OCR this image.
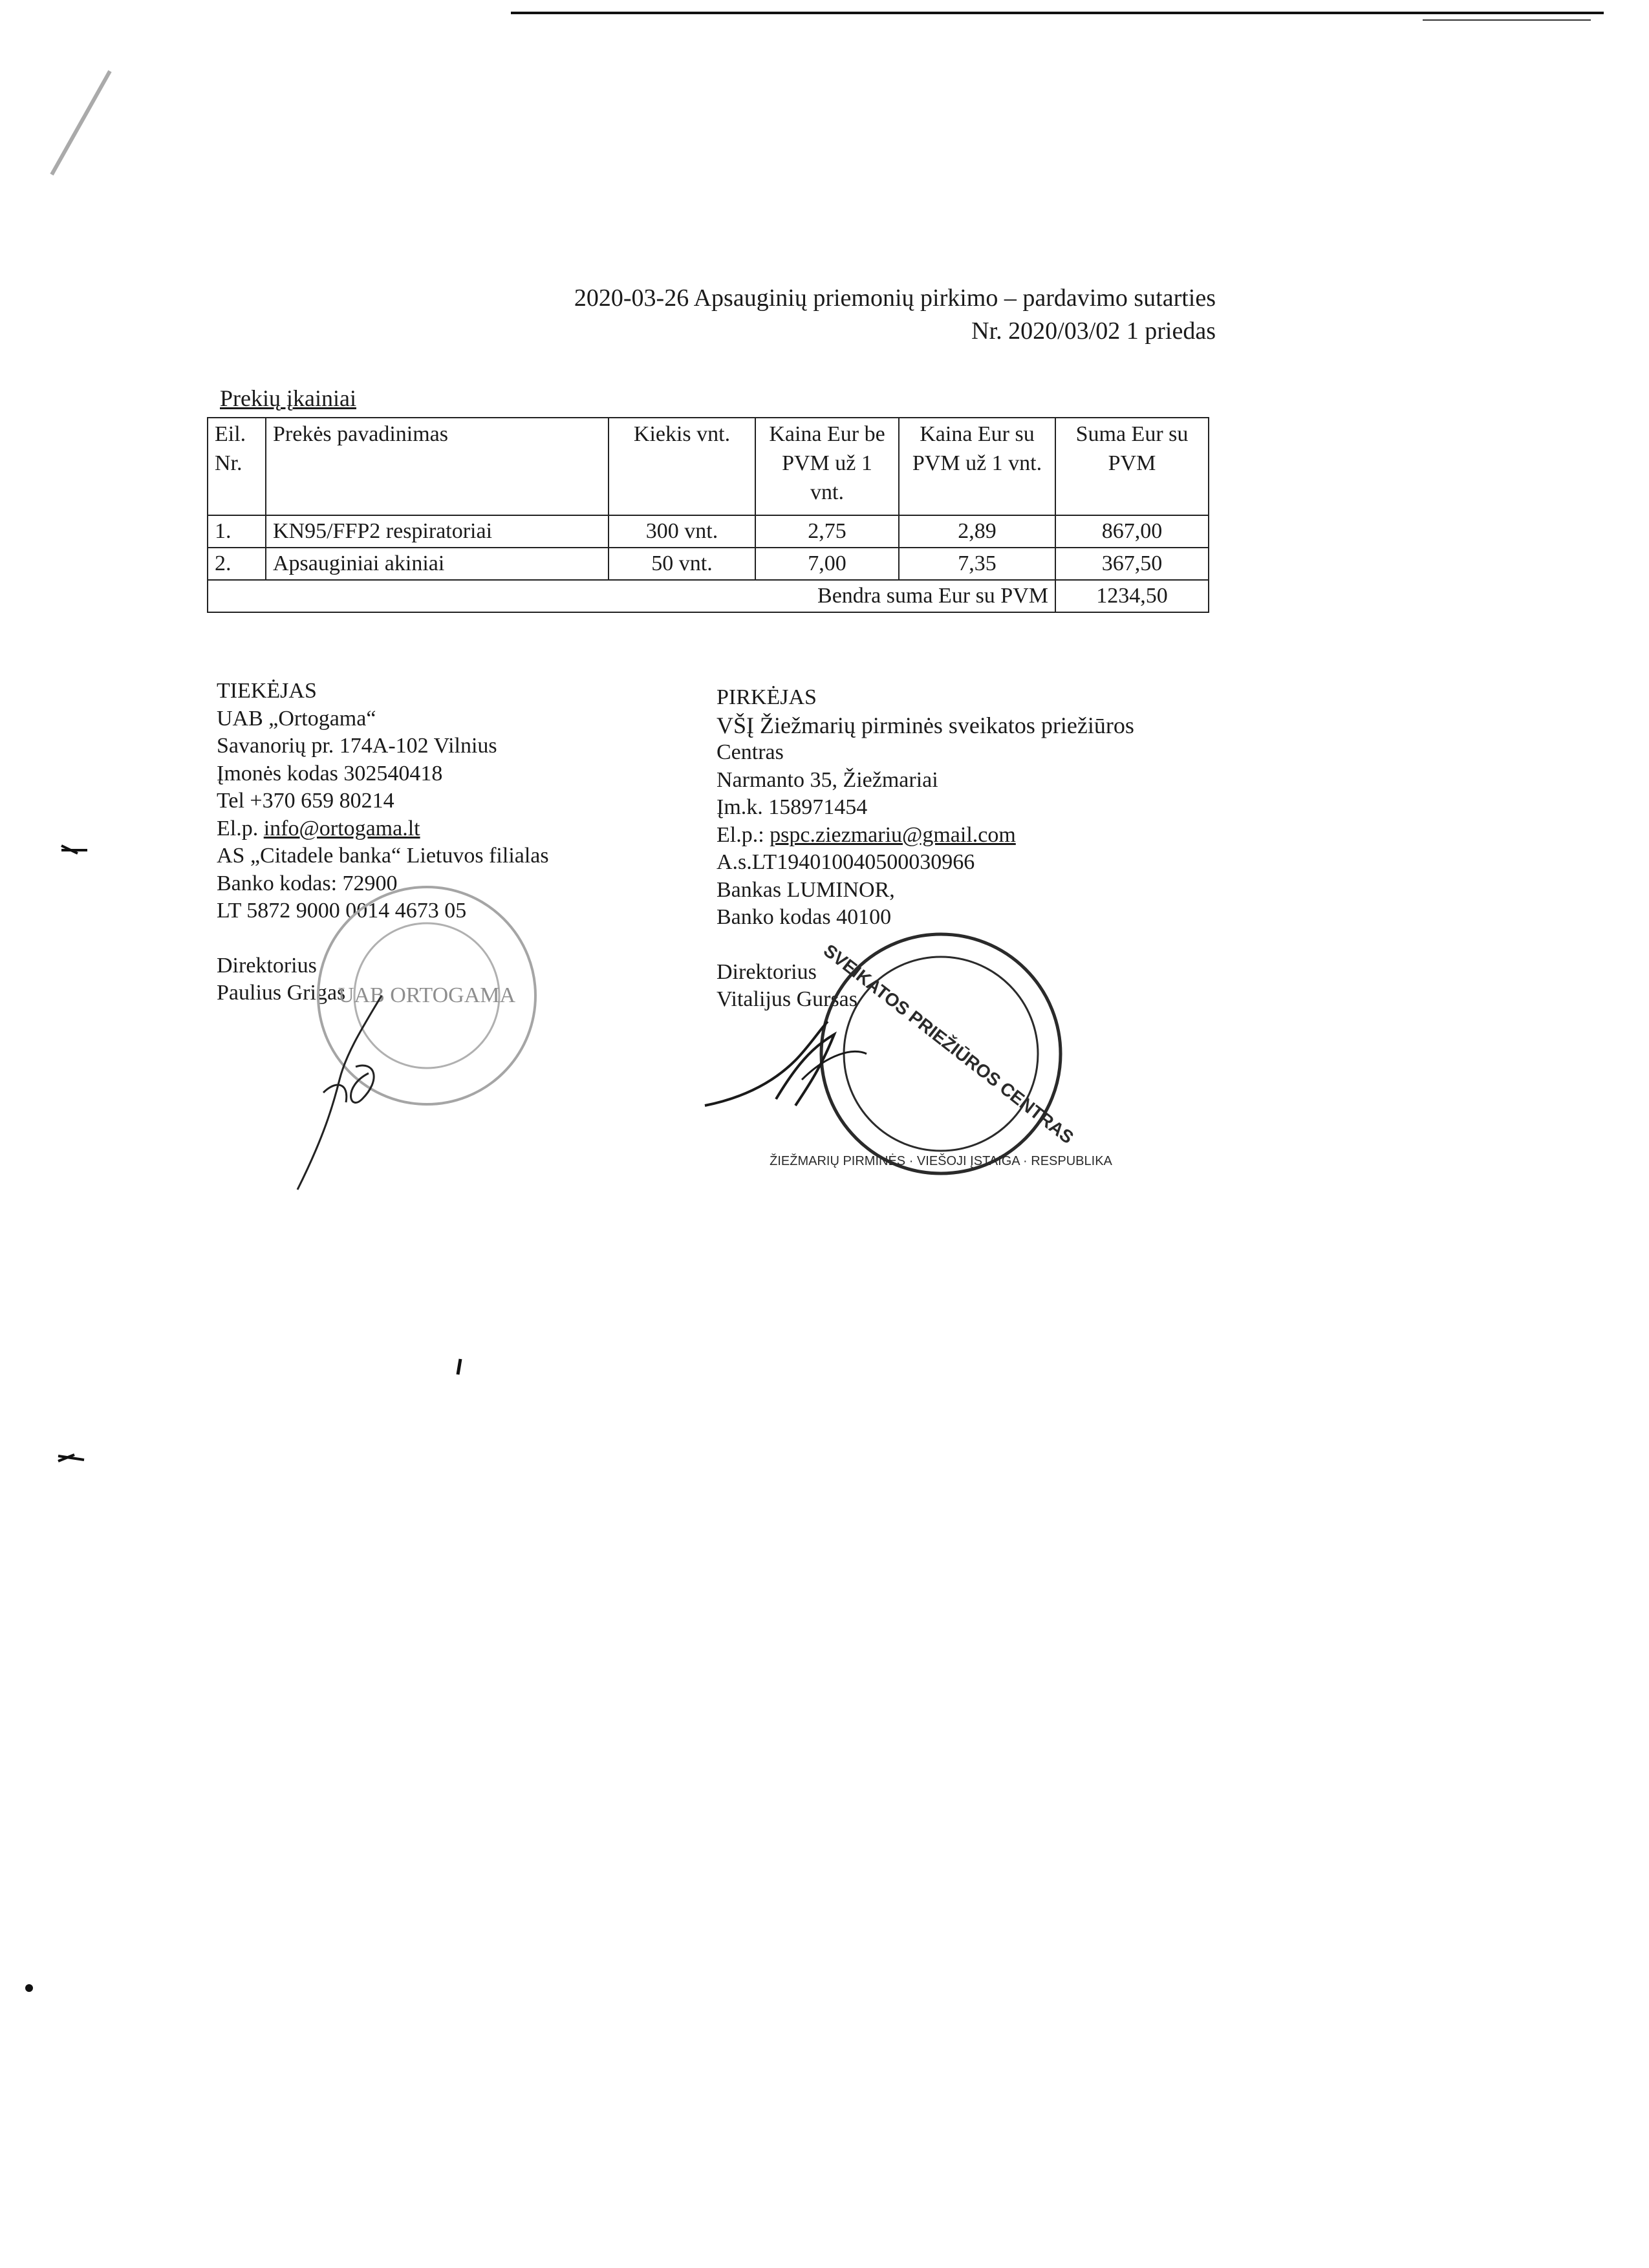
2020-03-26 Apsauginių priemonių pirkimo – pardavimo sutarties
Nr. 2020/03/02 1 priedas
Prekių įkainiai
Eil. Nr.	Prekės pavadinimas	Kiekis vnt.	Kaina Eur be PVM už 1 vnt.	Kaina Eur su PVM už 1 vnt.	Suma Eur su PVM
1.	KN95/FFP2 respiratoriai	300 vnt.	2,75	2,89	867,00
2.	Apsauginiai akiniai	50 vnt.	7,00	7,35	367,50
Bendra suma Eur su PVM					1234,50
TIEKĖJAS
UAB „Ortogama“
Savanorių pr. 174A-102 Vilnius
Įmonės kodas 302540418
Tel +370 659 80214
El.p. info@ortogama.lt
AS „Citadele banka“ Lietuvos filialas
Banko kodas: 72900
LT 5872 9000 0014 4673 05
Direktorius
Paulius Grigas
PIRKĖJAS
VŠĮ Žiežmarių pirminės sveikatos priežiūros
Centras
Narmanto 35, Žiežmariai
Įm.k. 158971454
El.p.: pspc.ziezmariu@gmail.com
A.s.LT194010040500030966
Bankas LUMINOR,
Banko kodas 40100
Direktorius
Vitalijus Gursas
UAB ORTOGAMA	SVEIKATOS PRIEŽIŪROS CENTRAS
ŽIEŽMARIŲ PIRMINĖS · VIEŠOJI ĮSTAIGA · RESPUBLIKA
